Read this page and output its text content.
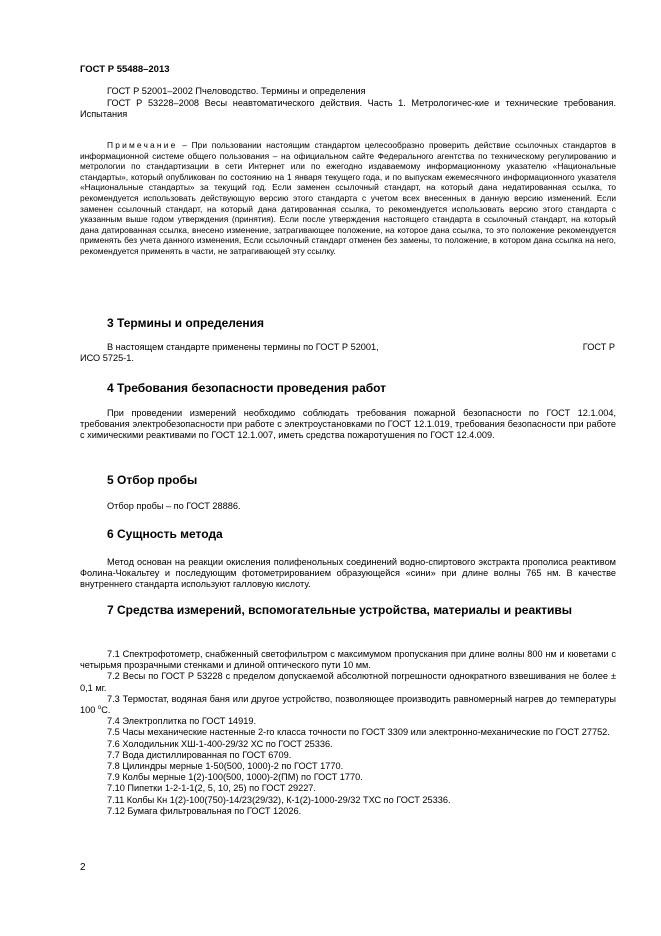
ГОСТ Р 55488–2013

ГОСТ Р 52001–2002 Пчеловодство. Термины и определения

ГОСТ Р 53228–2008 Весы неавтоматического действия. Часть 1. Метрологичес-кие и технические требования. Испытания

Примечание – При пользовании настоящим стандартом целесообразно проверить действие ссылочных стандартов в информационной системе общего пользования – на официальном сайте Федерального агентства по техническому регулированию и метрологии по стандартизации в сети Интернет или по ежегодно издаваемому информационному указателю «Национальные стандарты», который опубликован по состоянию на 1 января текущего года, и по выпускам ежемесячного информационного указателя «Национальные стандарты» за текущий год. Если заменен ссылочный стандарт, на который дана недатированная ссылка, то рекомендуется использовать действующую версию этого стандарта с учетом всех внесенных в данную версию изменений. Если заменен ссылочный стандарт, на который дана датированная ссылка, то рекомендуется использовать версию этого стандарта с указанным выше годом утверждения (принятия). Если после утверждения настоящего стандарта в ссылочный стандарт, на который дана датированная ссылка, внесено изменение, затрагивающее положение, на которое дана ссылка, то это положение рекомендуется применять без учета данного изменения, Если ссылочный стандарт отменен без замены, то положение, в котором дана ссылка на него, рекомендуется применять в части, не затрагивающей эту ссылку.

3 Термины и определения
В настоящем стандарте применены термины по ГОСТ Р 52001,	ГОСТ Р
ИСО 5725-1.
4 Требования безопасности проведения работ

При проведении измерений необходимо соблюдать требования пожарной безопасности по ГОСТ 12.1.004, требования электробезопасности при работе с электроустановками по ГОСТ 12.1.019, требования безопасности при работе с химическими реактивами по ГОСТ 12.1.007, иметь средства пожаротушения по ГОСТ 12.4.009.

5 Отбор пробы

Отбор пробы – по ГОСТ 28886.

6 Сущность метода

Метод основан на реакции окисления полифенольных соединений водно-спиртового экстракта прополиса реактивом Фолина-Чокальтеу и последующим фотометрированием образующейся «сини» при длине волны 765 нм. В качестве внутреннего стандарта используют галловую кислоту.

7 Средства измерений, вспомогательные устройства, материалы и реактивы

7.1 Спектрофотометр, снабженный светофильтром с максимумом пропускания при длине волны 800 нм и кюветами с четырьмя прозрачными стенками и длиной оптического пути 10 мм.

7.2 Весы по ГОСТ Р 53228 с пределом допускаемой абсолютной погрешности однократного взвешивания не более ± 0,1 мг.

7.3 Термостат, водяная баня или другое устройство, позволяющее производить равномерный нагрев до температуры 100 $^о$С.

7.4 Электроплитка по ГОСТ 14919.

7.5 Часы механические настенные 2-го класса точности по ГОСТ 3309 или электронно-механические по ГОСТ 27752.

7.6 Холодильник ХШ-1-400-29/32 ХС по ГОСТ 25336.

7.7 Вода дистиллированная по ГОСТ 6709.

7.8 Цилиндры мерные 1-50(500, 1000)-2 по ГОСТ 1770.

7.9 Колбы мерные 1(2)-100(500, 1000)-2(ПМ) по ГОСТ 1770.

7.10 Пипетки 1-2-1-1(2, 5, 10, 25) по ГОСТ 29227.

7.11 Колбы Кн 1(2)-100(750)-14/23(29/32), К-1(2)-1000-29/32 ТХС по ГОСТ 25336.

7.12 Бумага фильтровальная по ГОСТ 12026.

2
